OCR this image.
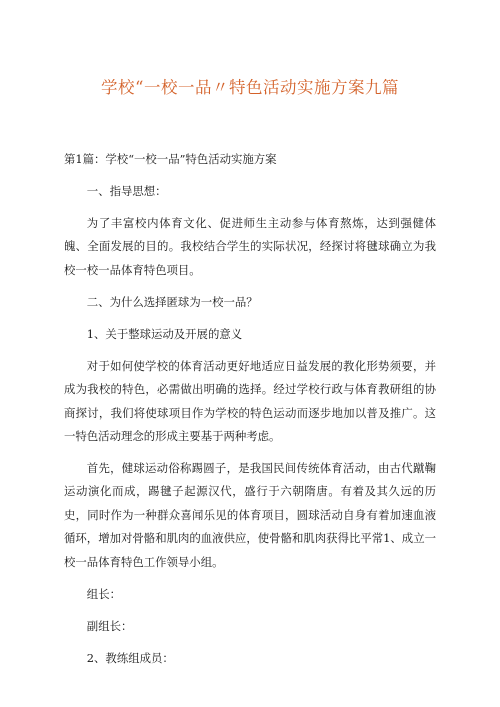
学校“一校一品〃特色活动实施方案九篇

第1篇：学校“一校一品”特色活动实施方案

一、指导思想：

为了丰富校内体育文化、促进师生主动参与体育熬炼，达到强健体魄、全面发展的目的。我校结合学生的实际状况，经探讨将毽球确立为我校一校一品体育特色项目。

二、为什么选择匿球为一校一品？

1、关于整球运动及开展的意义

对于如何使学校的体育活动更好地适应日益发展的教化形势须要，并成为我校的特色，必需做出明确的选择。经过学校行政与体育教研组的协商探讨，我们将使球项目作为学校的特色运动而逐步地加以普及推广。这一特色活动理念的形成主要基于两种考虑。

首先，健球运动俗称踢圆子，是我国民间传统体育活动，由古代蹴鞠运动演化而成，踢毽子起源汉代，盛行于六朝隋唐。有着及其久远的历史，同时作为一种群众喜闻乐见的体育项目，圆球活动自身有着加速血液循环，增加对骨骼和肌肉的血液供应，使骨骼和肌肉获得比平常1、成立一校一品体育特色工作领导小组。

组长：

副组长：

2、教练组成员：
